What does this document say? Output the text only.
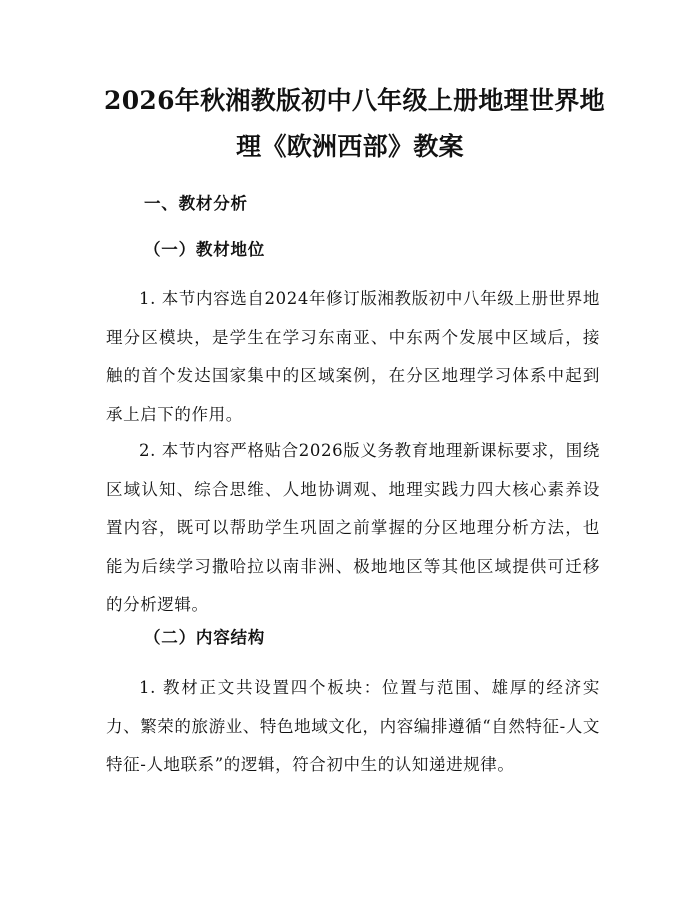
2026年秋湘教版初中八年级上册地理世界地
理《欧洲西部》教案
一、教材分析
（一）教材地位

1. 本节内容选自2024年修订版湘教版初中八年级上册世界地理分区模块，是学生在学习东南亚、中东两个发展中区域后，接触的首个发达国家集中的区域案例，在分区地理学习体系中起到承上启下的作用。

2. 本节内容严格贴合2026版义务教育地理新课标要求，围绕区域认知、综合思维、人地协调观、地理实践力四大核心素养设置内容，既可以帮助学生巩固之前掌握的分区地理分析方法，也能为后续学习撒哈拉以南非洲、极地地区等其他区域提供可迁移的分析逻辑。

（二）内容结构

1. 教材正文共设置四个板块：位置与范围、雄厚的经济实力、繁荣的旅游业、特色地域文化，内容编排遵循“自然特征-人文特征-人地联系”的逻辑，符合初中生的认知递进规律。
